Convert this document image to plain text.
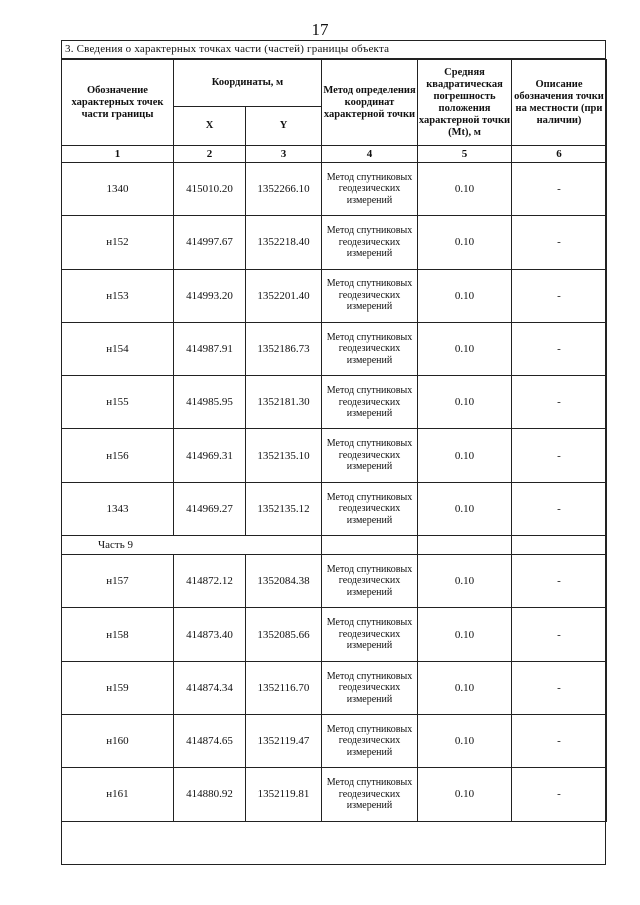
17
3. Сведения о характерных точках части (частей) границы объекта
Обозначение характерных точек части границы	Координаты, м		Метод определения координат характерной точки	Средняя квадратическая погрешность положения характерной точки (Mt), м	Описание обозначения точки на местности (при наличии)
	X	Y			
1	2	3	4	5	6
1340	415010.20	1352266.10	Метод спутниковых геодезических измерений	0.10	-
н152	414997.67	1352218.40	Метод спутниковых геодезических измерений	0.10	-
н153	414993.20	1352201.40	Метод спутниковых геодезических измерений	0.10	-
н154	414987.91	1352186.73	Метод спутниковых геодезических измерений	0.10	-
н155	414985.95	1352181.30	Метод спутниковых геодезических измерений	0.10	-
н156	414969.31	1352135.10	Метод спутниковых геодезических измерений	0.10	-
1343	414969.27	1352135.12	Метод спутниковых геодезических измерений	0.10	-
Часть 9					
н157	414872.12	1352084.38	Метод спутниковых геодезических измерений	0.10	-
н158	414873.40	1352085.66	Метод спутниковых геодезических измерений	0.10	-
н159	414874.34	1352116.70	Метод спутниковых геодезических измерений	0.10	-
н160	414874.65	1352119.47	Метод спутниковых геодезических измерений	0.10	-
н161	414880.92	1352119.81	Метод спутниковых геодезических измерений	0.10	-
